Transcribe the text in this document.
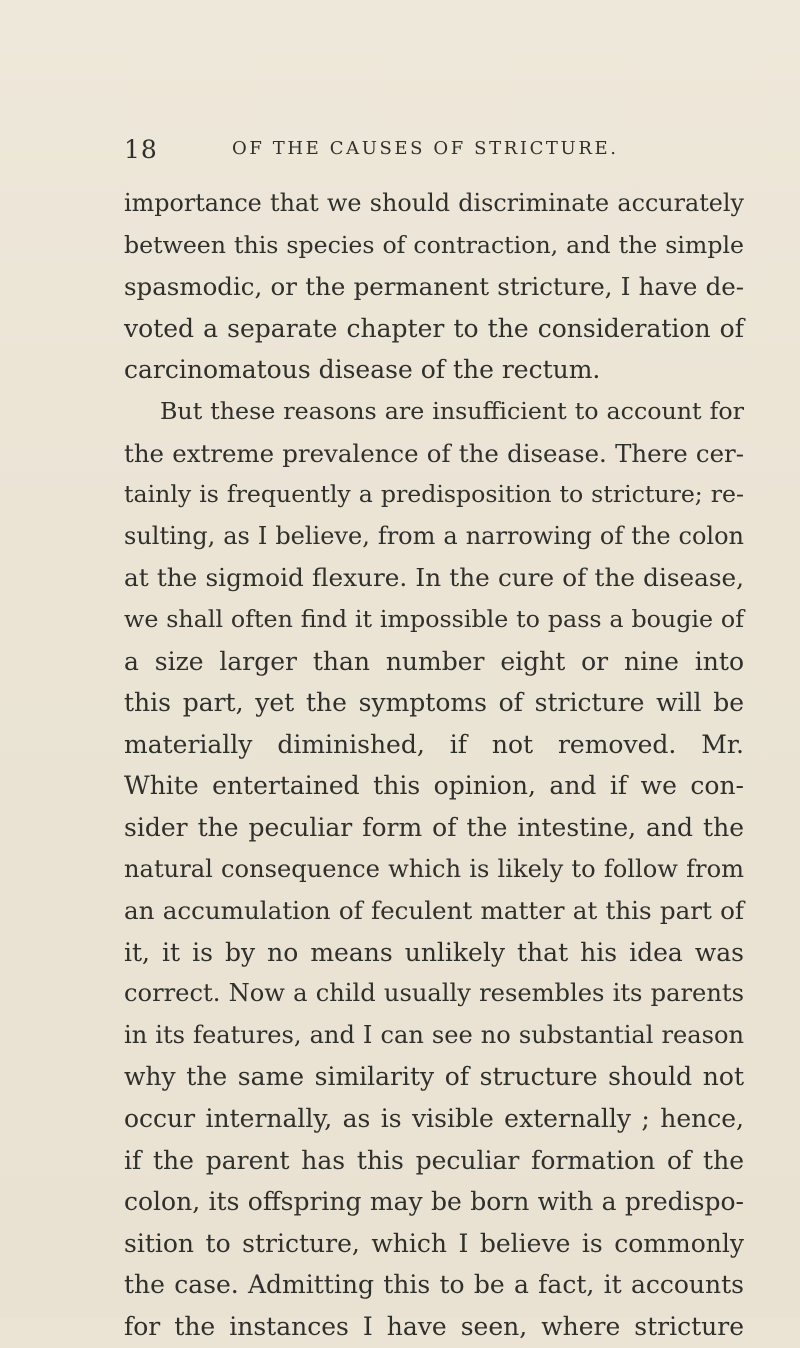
18	OF THE CAUSES OF STRICTURE.
importance that we should discriminate accurately
between this species of contraction, and the simple
spasmodic, or the permanent stricture, I have de-
voted a separate chapter to the consideration of
carcinomatous disease of the rectum.
But these reasons are insufficient to account for
the extreme prevalence of the disease. There cer-
tainly is frequently a predisposition to stricture; re-
sulting, as I believe, from a narrowing of the colon
at the sigmoid flexure. In the cure of the disease,
we shall often find it impossible to pass a bougie of
a size larger than number eight or nine into
this part, yet the symptoms of stricture will be
materially diminished, if not removed. Mr.
White entertained this opinion, and if we con-
sider the peculiar form of the intestine, and the
natural consequence which is likely to follow from
an accumulation of feculent matter at this part of
it, it is by no means unlikely that his idea was
correct. Now a child usually resembles its parents
in its features, and I can see no substantial reason
why the same similarity of structure should not
occur internally, as is visible externally ; hence,
if the parent has this peculiar formation of the
colon, its offspring may be born with a predispo-
sition to stricture, which I believe is commonly
the case. Admitting this to be a fact, it accounts
for the instances I have seen, where stricture
